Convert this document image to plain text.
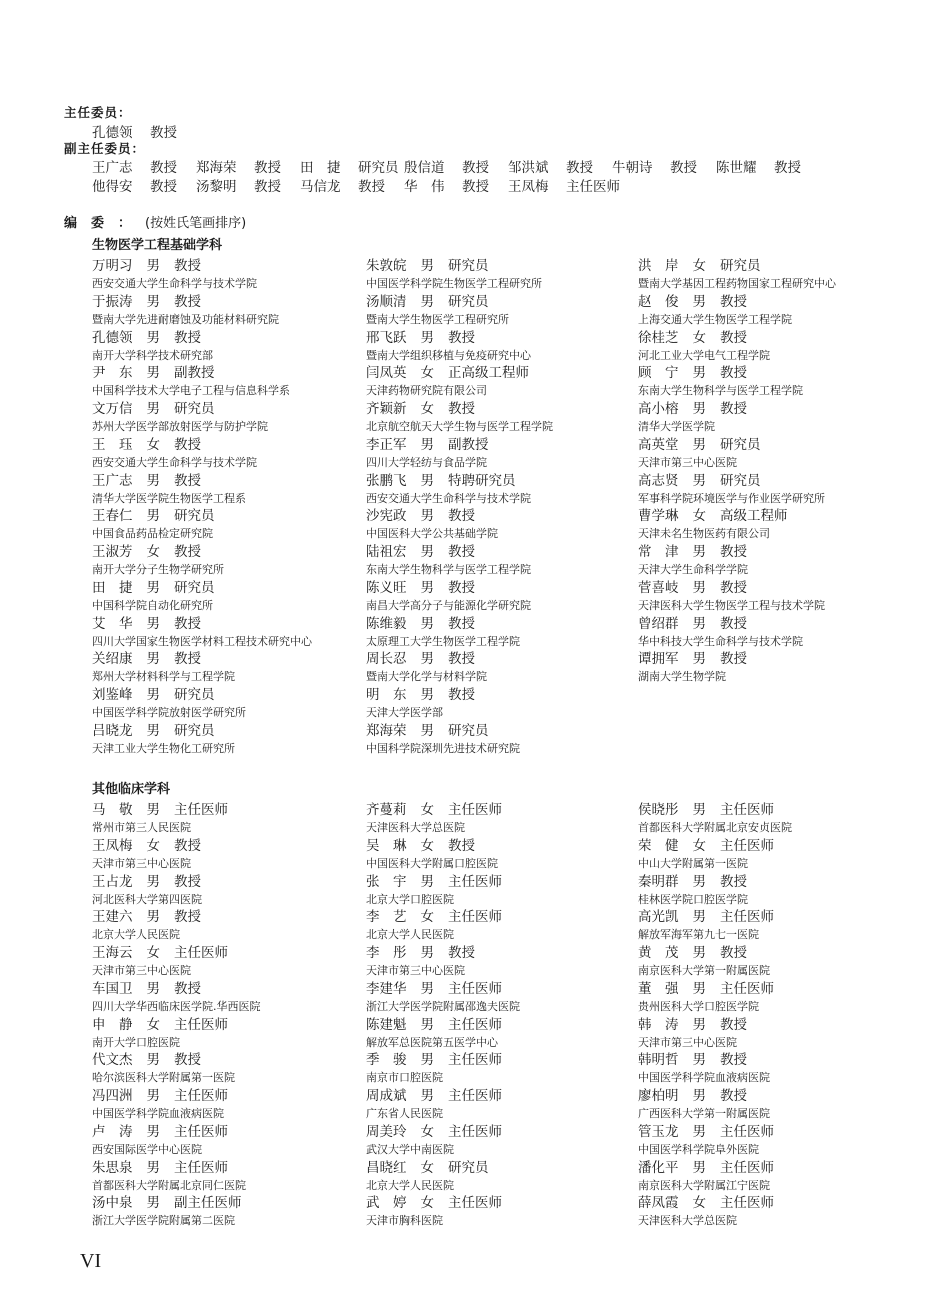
主任委员：
孔德领 教授
副主任委员：
王广志 教授 郑海荣 教授 田　捷 研究员 殷信道 教授 邹洪斌 教授 牛朝诗 教授 陈世耀 教授
他得安 教授 汤黎明 教授 马信龙 教授 华　伟 教授 王凤梅 主任医师
编委：(按姓氏笔画排序)
生物医学工程基础学科
万明习 男 教授
西安交通大学生命科学与技术学院
于振涛 男 教授
暨南大学先进耐磨蚀及功能材料研究院
孔德领 男 教授
南开大学科学技术研究部
尹　东 男 副教授
中国科学技术大学电子工程与信息科学系
文万信 男 研究员
苏州大学医学部放射医学与防护学院
王　珏 女 教授
西安交通大学生命科学与技术学院
王广志 男 教授
清华大学医学院生物医学工程系
王春仁 男 研究员
中国食品药品检定研究院
王淑芳 女 教授
南开大学分子生物学研究所
田　捷 男 研究员
中国科学院自动化研究所
艾　华 男 教授
四川大学国家生物医学材料工程技术研究中心
关绍康 男 教授
郑州大学材料科学与工程学院
刘鉴峰 男 研究员
中国医学科学院放射医学研究所
吕晓龙 男 研究员
天津工业大学生物化工研究所
朱敦皖 男 研究员
中国医学科学院生物医学工程研究所
汤顺清 男 研究员
暨南大学生物医学工程研究所
邢飞跃 男 教授
暨南大学组织移植与免疫研究中心
闫凤英 女 正高级工程师
天津药物研究院有限公司
齐颖新 女 教授
北京航空航天大学生物与医学工程学院
李正军 男 副教授
四川大学轻纺与食品学院
张鹏飞 男 特聘研究员
西安交通大学生命科学与技术学院
沙宪政 男 教授
中国医科大学公共基础学院
陆祖宏 男 教授
东南大学生物科学与医学工程学院
陈义旺 男 教授
南昌大学高分子与能源化学研究院
陈维毅 男 教授
太原理工大学生物医学工程学院
周长忍 男 教授
暨南大学化学与材料学院
明　东 男 教授
天津大学医学部
郑海荣 男 研究员
中国科学院深圳先进技术研究院
洪　岸 女 研究员
暨南大学基因工程药物国家工程研究中心
赵　俊 男 教授
上海交通大学生物医学工程学院
徐桂芝 女 教授
河北工业大学电气工程学院
顾　宁 男 教授
东南大学生物科学与医学工程学院
高小榕 男 教授
清华大学医学院
高英堂 男 研究员
天津市第三中心医院
高志贤 男 研究员
军事科学院环境医学与作业医学研究所
曹学琳 女 高级工程师
天津未名生物医药有限公司
常　津 男 教授
天津大学生命科学学院
菅喜岐 男 教授
天津医科大学生物医学工程与技术学院
曾绍群 男 教授
华中科技大学生命科学与技术学院
谭拥军 男 教授
湖南大学生物学院
其他临床学科
马　敬 男 主任医师
常州市第三人民医院
王凤梅 女 教授
天津市第三中心医院
王占龙 男 教授
河北医科大学第四医院
王建六 男 教授
北京大学人民医院
王海云 女 主任医师
天津市第三中心医院
车国卫 男 教授
四川大学华西临床医学院.华西医院
申　静 女 主任医师
南开大学口腔医院
代文杰 男 教授
哈尔滨医科大学附属第一医院
冯四洲 男 主任医师
中国医学科学院血液病医院
卢　涛 男 主任医师
西安国际医学中心医院
朱思泉 男 主任医师
首都医科大学附属北京同仁医院
汤中泉 男 副主任医师
浙江大学医学院附属第二医院
齐蔓莉 女 主任医师
天津医科大学总医院
吴　琳 女 教授
中国医科大学附属口腔医院
张　宇 男 主任医师
北京大学口腔医院
李　艺 女 主任医师
北京大学人民医院
李　彤 男 教授
天津市第三中心医院
李建华 男 主任医师
浙江大学医学院附属邵逸夫医院
陈建魁 男 主任医师
解放军总医院第五医学中心
季　骏 男 主任医师
南京市口腔医院
周成斌 男 主任医师
广东省人民医院
周美玲 女 主任医师
武汉大学中南医院
昌晓红 女 研究员
北京大学人民医院
武　婷 女 主任医师
天津市胸科医院
侯晓彤 男 主任医师
首都医科大学附属北京安贞医院
荣　健 女 主任医师
中山大学附属第一医院
秦明群 男 教授
桂林医学院口腔医学院
高光凯 男 主任医师
解放军海军第九七一医院
黄　茂 男 教授
南京医科大学第一附属医院
董　强 男 主任医师
贵州医科大学口腔医学院
韩　涛 男 教授
天津市第三中心医院
韩明哲 男 教授
中国医学科学院血液病医院
廖柏明 男 教授
广西医科大学第一附属医院
管玉龙 男 主任医师
中国医学科学院阜外医院
潘化平 男 主任医师
南京医科大学附属江宁医院
薛凤霞 女 主任医师
天津医科大学总医院
VI
